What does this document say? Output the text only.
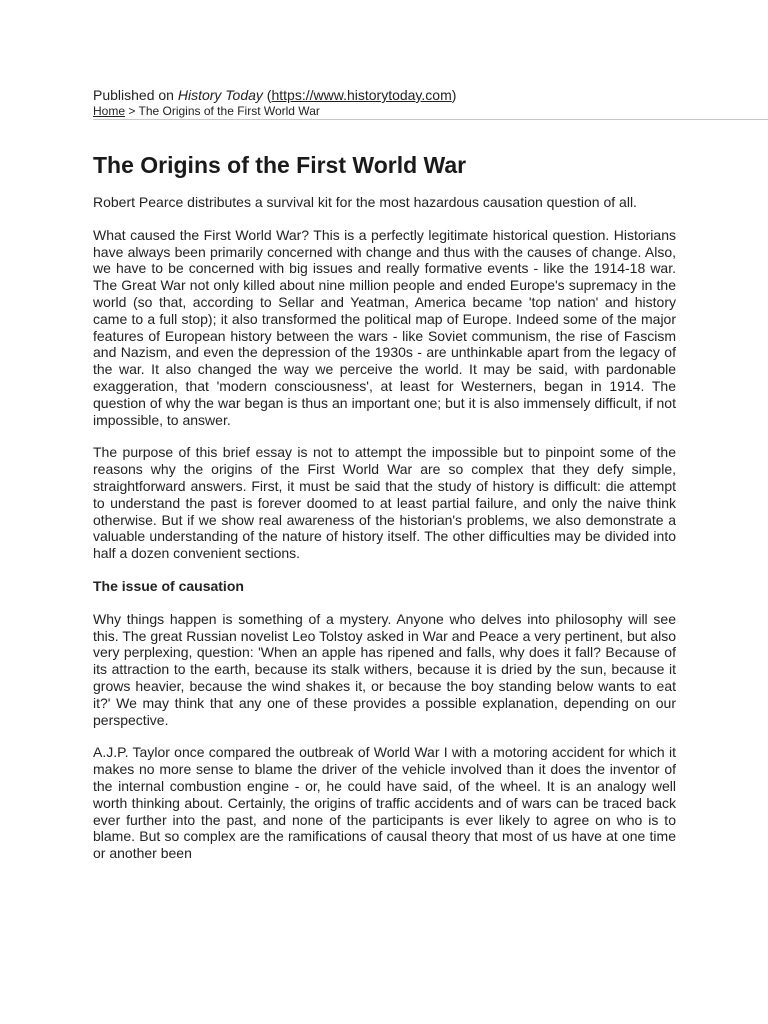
Published on History Today (https://www.historytoday.com)
Home > The Origins of the First World War
The Origins of the First World War

Robert Pearce distributes a survival kit for the most hazardous causation question of all.

What caused the First World War? This is a perfectly legitimate historical question. Historians have always been primarily concerned with change and thus with the causes of change. Also, we have to be concerned with big issues and really formative events - like the 1914-18 war. The Great War not only killed about nine million people and ended Europe's supremacy in the world (so that, according to Sellar and Yeatman, America became 'top nation' and history came to a full stop); it also transformed the political map of Europe. Indeed some of the major features of European history between the wars - like Soviet communism, the rise of Fascism and Nazism, and even the depression of the 1930s - are unthinkable apart from the legacy of the war. It also changed the way we perceive the world. It may be said, with pardonable exaggeration, that 'modern consciousness', at least for Westerners, began in 1914. The question of why the war began is thus an important one; but it is also immensely difficult, if not impossible, to answer.

The purpose of this brief essay is not to attempt the impossible but to pinpoint some of the reasons why the origins of the First World War are so complex that they defy simple, straightforward answers. First, it must be said that the study of history is difficult: die attempt to understand the past is forever doomed to at least partial failure, and only the naive think otherwise. But if we show real awareness of the historian's problems, we also demonstrate a valuable understanding of the nature of history itself. The other difficulties may be divided into half a dozen convenient sections.

The issue of causation

Why things happen is something of a mystery. Anyone who delves into philosophy will see this. The great Russian novelist Leo Tolstoy asked in War and Peace a very pertinent, but also very perplexing, question: 'When an apple has ripened and falls, why does it fall? Because of its attraction to the earth, because its stalk withers, because it is dried by the sun, because it grows heavier, because the wind shakes it, or because the boy standing below wants to eat it?' We may think that any one of these provides a possible explanation, depending on our perspective.

A.J.P. Taylor once compared the outbreak of World War I with a motoring accident for which it makes no more sense to blame the driver of the vehicle involved than it does the inventor of the internal combustion engine - or, he could have said, of the wheel. It is an analogy well worth thinking about. Certainly, the origins of traffic accidents and of wars can be traced back ever further into the past, and none of the participants is ever likely to agree on who is to blame. But so complex are the ramifications of causal theory that most of us have at one time or another been
